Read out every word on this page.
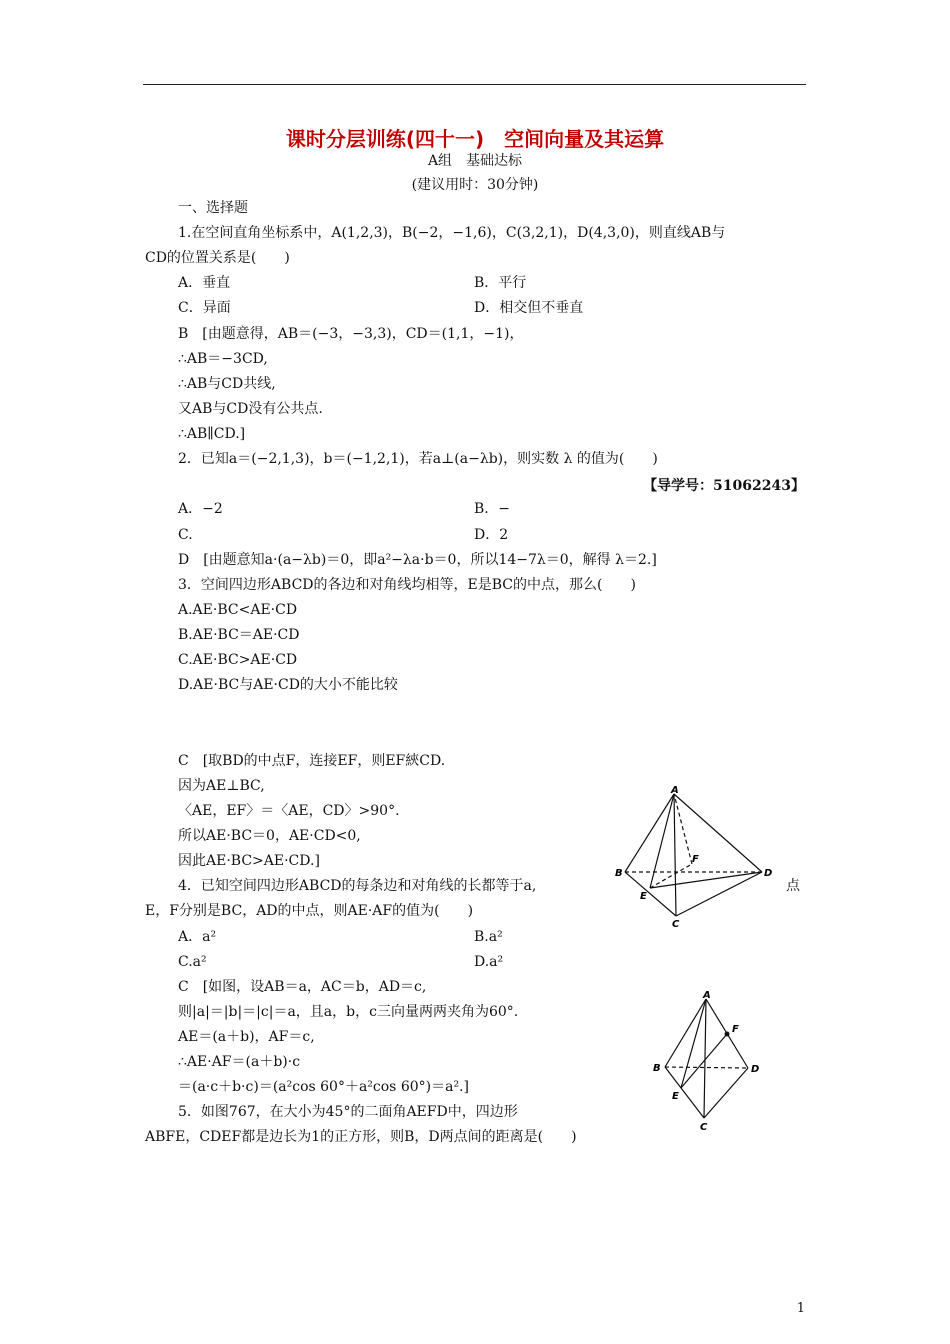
课时分层训练(四十一)　空间向量及其运算
A组　基础达标
(建议用时：30分钟)
一、选择题
1.在空间直角坐标系中，A(1,2,3)，B(−2，−1,6)，C(3,2,1)，D(4,3,0)，则直线AB与
CD的位置关系是(　　)
A．垂直	B．平行
C．异面	D．相交但不垂直
B　[由题意得，AB＝(−3，−3,3)，CD＝(1,1，−1)，
∴AB＝−3CD,
∴AB与CD共线,
又AB与CD没有公共点.
∴AB∥CD.]
2．已知a＝(−2,1,3)，b＝(−1,2,1)，若a⊥(a−λb)，则实数 λ 的值为(　　)
【导学号：51062243】
A．−2	B．−
C.	D．2
D　[由题意知a·(a−λb)＝0，即a²−λa·b＝0，所以14−7λ＝0，解得 λ＝2.]
3．空间四边形ABCD的各边和对角线均相等，E是BC的中点，那么(　　)
A.AE·BC<AE·CD
B.AE·BC＝AE·CD
C.AE·BC>AE·CD
D.AE·BC与AE·CD的大小不能比较
C　[取BD的中点F，连接EF，则EF綊CD.
因为AE⊥BC,
〈AE，EF〉＝〈AE，CD〉>90°.
所以AE·BC＝0，AE·CD<0,
因此AE·BC>AE·CD.]
A
B
C
D
E
F
4．已知空间四边形ABCD的每条边和对角线的长都等于a,	点
E，F分别是BC，AD的中点，则AE·AF的值为(　　)
A．a²	B.a²
C.a²	D.a²
C　[如图，设AB＝a，AC＝b，AD＝c,
则|a|＝|b|＝|c|＝a，且a，b，c三向量两两夹角为60°.
AE＝(a＋b)，AF＝c,
∴AE·AF＝(a＋b)·c
＝(a·c＋b·c)＝(a²cos 60°＋a²cos 60°)＝a².]
A
B
C
D
E
F
5．如图767，在大小为45°的二面角AEFD中，四边形
ABFE，CDEF都是边长为1的正方形，则B，D两点间的距离是(　　)
1
